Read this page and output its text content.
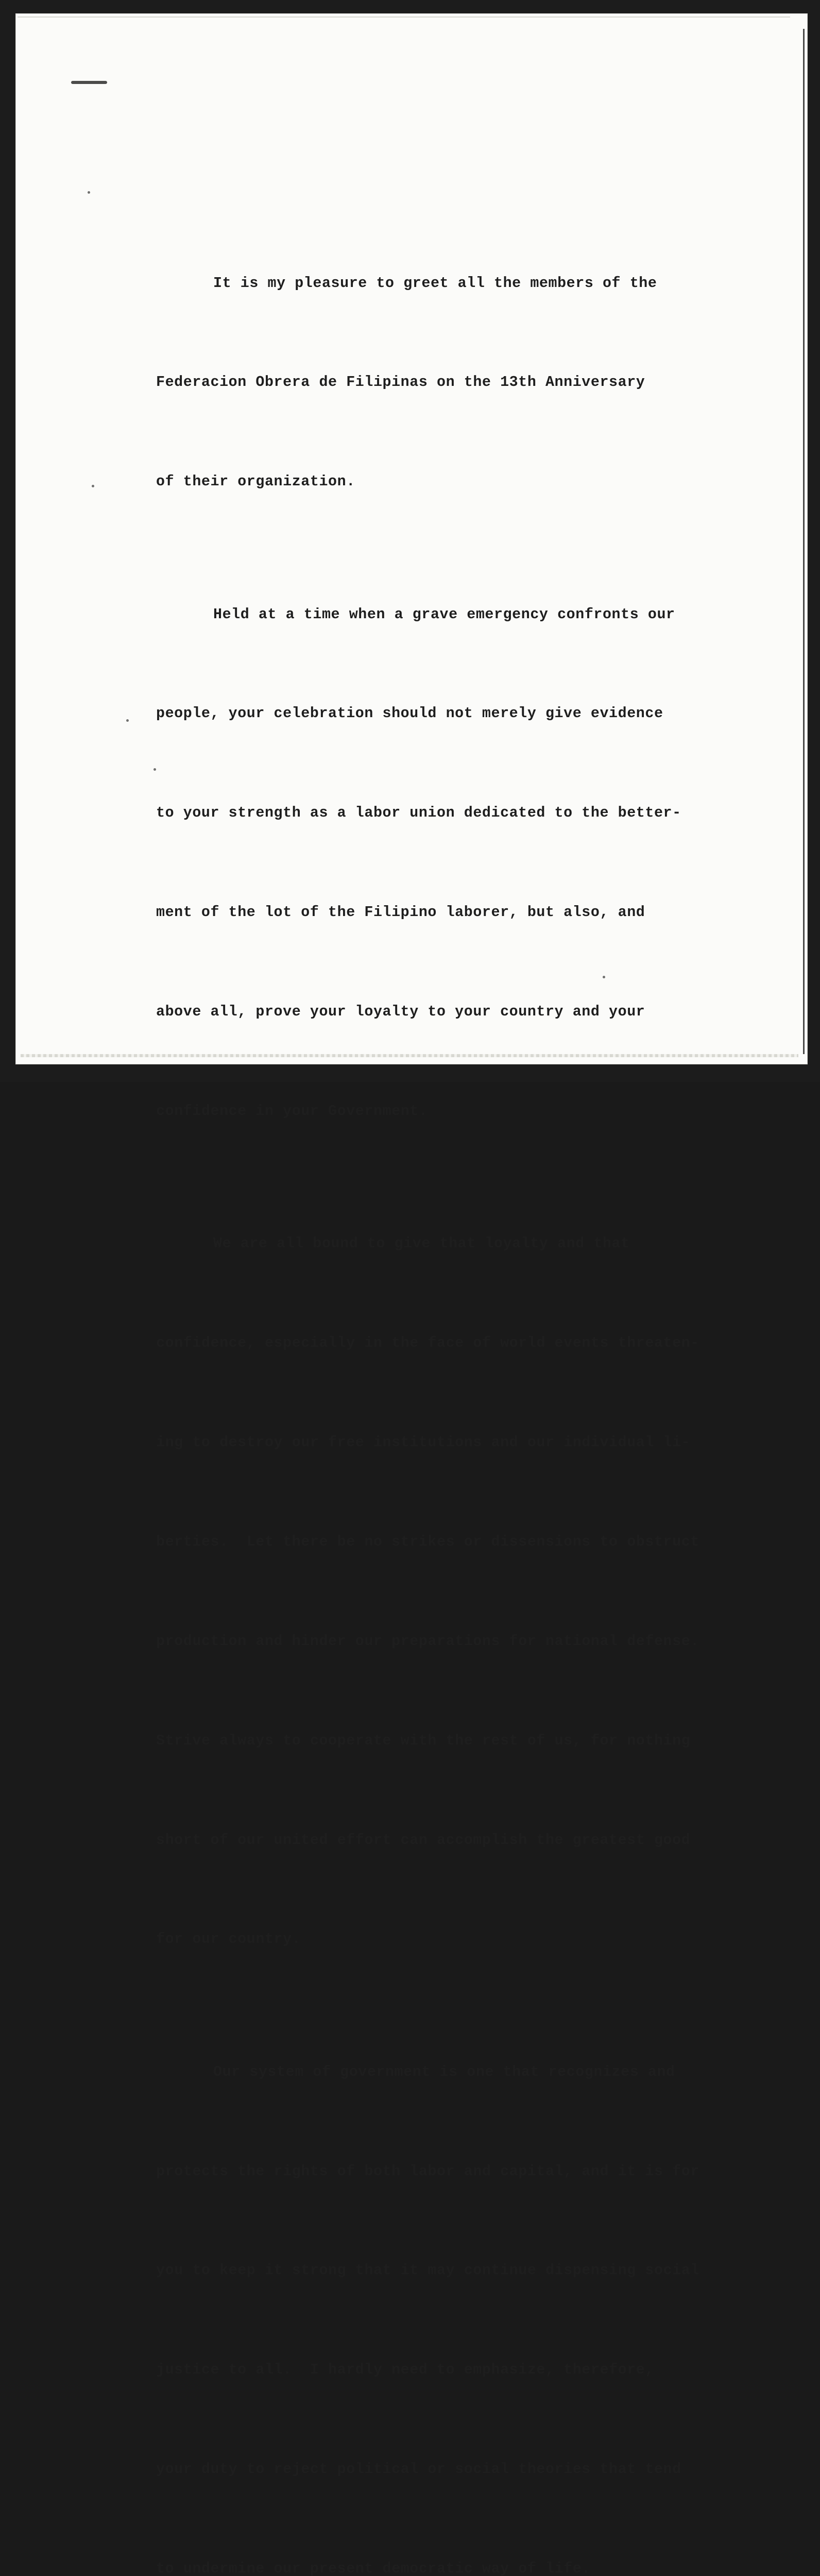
It is my pleasure to greet all the members of the

Federacion Obrera de Filipinas on the 13th Anniversary

of their organization.

Held at a time when a grave emergency confronts our

people, your celebration should not merely give evidence

to your strength as a labor union dedicated to the better-

ment of the lot of the Filipino laborer, but also, and

above all, prove your loyalty to your country and your

confidence in your Government.

We are all bound to give that loyalty and that

confidence, especially in the face of world events threaten-

ing to destroy our free institutions and our individual li-

berties.  Let there be no strikes or dissensions to obstruct

production and hinder our preparations for national defense.

Strive always to cooperate with the rest of us, for nothing

short of our united effort can accomplish the greatest good

for our country.

Our system of government is one that recognizes and

protects the rights of both labor and capital, and it is for

you to keep it strong that it may continue dispensing social

justice to all.  I hardly need to emphasize, therefore,

your duty to reject political or social theories that tend

to undermine our present democratic way of life.
